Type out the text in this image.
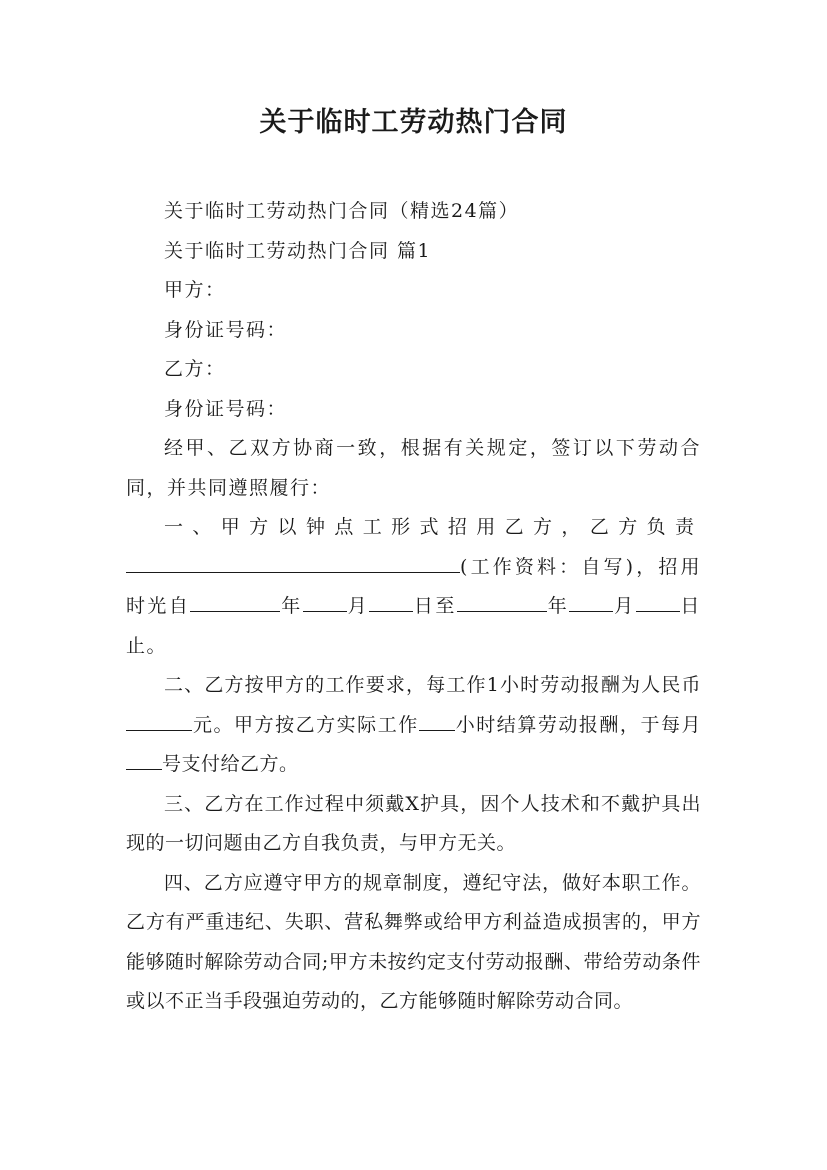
关于临时工劳动热门合同

关于临时工劳动热门合同（精选24篇）

关于临时工劳动热门合同 篇1

甲方：

身份证号码：

乙方：

身份证号码：

经甲、乙双方协商一致，根据有关规定，签订以下劳动合同，并共同遵照履行：

一、甲方以钟点工形式招用乙方，乙方负责(工作资料：自写)，招用时光自	年 月 日至	年 月 日止。

二、乙方按甲方的工作要求，每工作1小时劳动报酬为人民币元。甲方按乙方实际工作 小时结算劳动报酬，于每月号支付给乙方。

三、乙方在工作过程中须戴X护具，因个人技术和不戴护具出现的一切问题由乙方自我负责，与甲方无关。

四、乙方应遵守甲方的规章制度，遵纪守法，做好本职工作。乙方有严重违纪、失职、营私舞弊或给甲方利益造成损害的，甲方能够随时解除劳动合同;甲方未按约定支付劳动报酬、带给劳动条件或以不正当手段强迫劳动的，乙方能够随时解除劳动合同。
